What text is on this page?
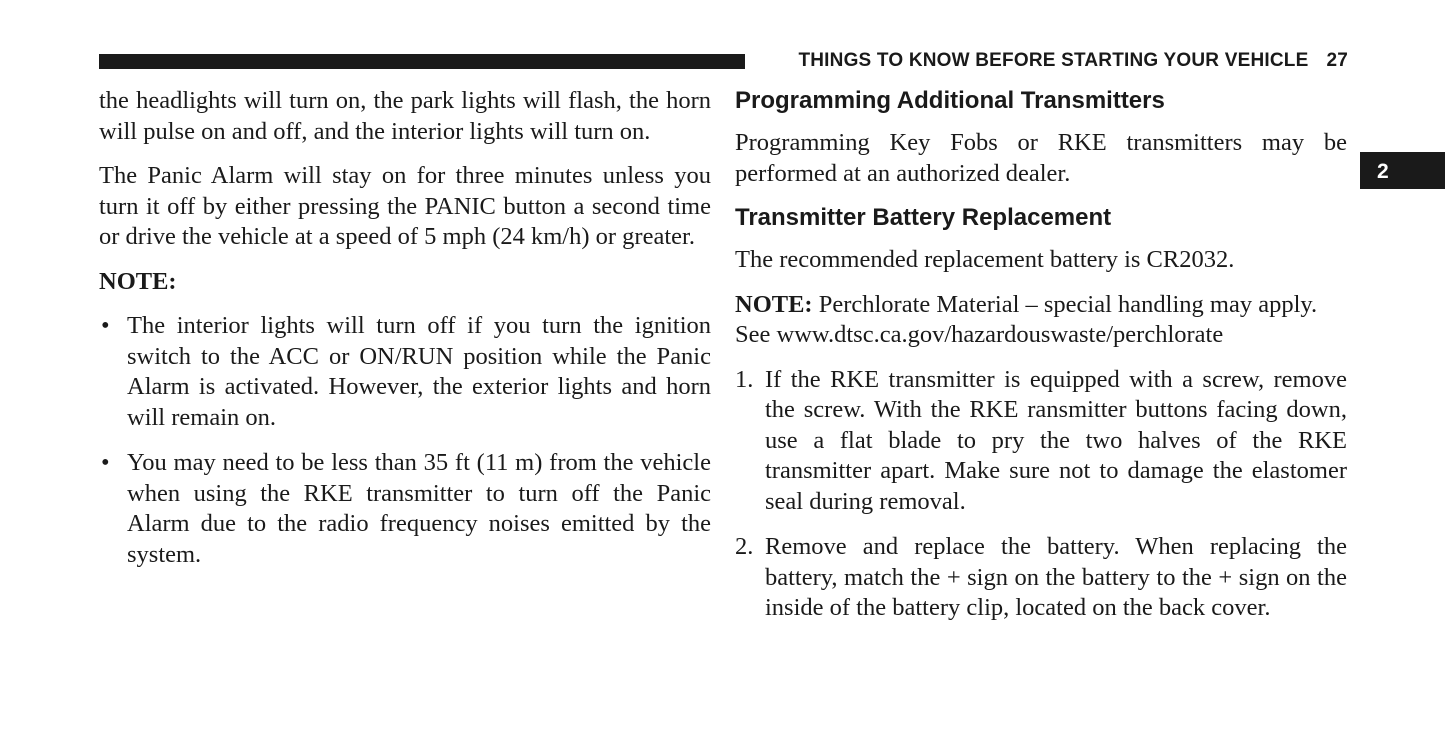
THINGS TO KNOW BEFORE STARTING YOUR VEHICLE 27
2

the headlights will turn on, the park lights will flash, the horn will pulse on and off, and the interior lights will turn on.

The Panic Alarm will stay on for three minutes unless you turn it off by either pressing the PANIC button a second time or drive the vehicle at a speed of 5 mph (24 km/h) or greater.

NOTE:

• The interior lights will turn off if you turn the ignition switch to the ACC or ON/RUN position while the Panic Alarm is activated. However, the exterior lights and horn will remain on.
• You may need to be less than 35 ft (11 m) from the vehicle when using the RKE transmitter to turn off the Panic Alarm due to the radio frequency noises emitted by the system.
Programming Additional Transmitters

Programming Key Fobs or RKE transmitters may be performed at an authorized dealer.

Transmitter Battery Replacement

The recommended replacement battery is CR2032.

NOTE: Perchlorate Material – special handling may apply. See www.dtsc.ca.gov/hazardouswaste/perchlorate

1. If the RKE transmitter is equipped with a screw, remove the screw. With the RKE ransmitter buttons facing down, use a flat blade to pry the two halves of the RKE transmitter apart. Make sure not to damage the elastomer seal during removal.
2. Remove and replace the battery. When replacing the battery, match the + sign on the battery to the + sign on the inside of the battery clip, located on the back cover.
